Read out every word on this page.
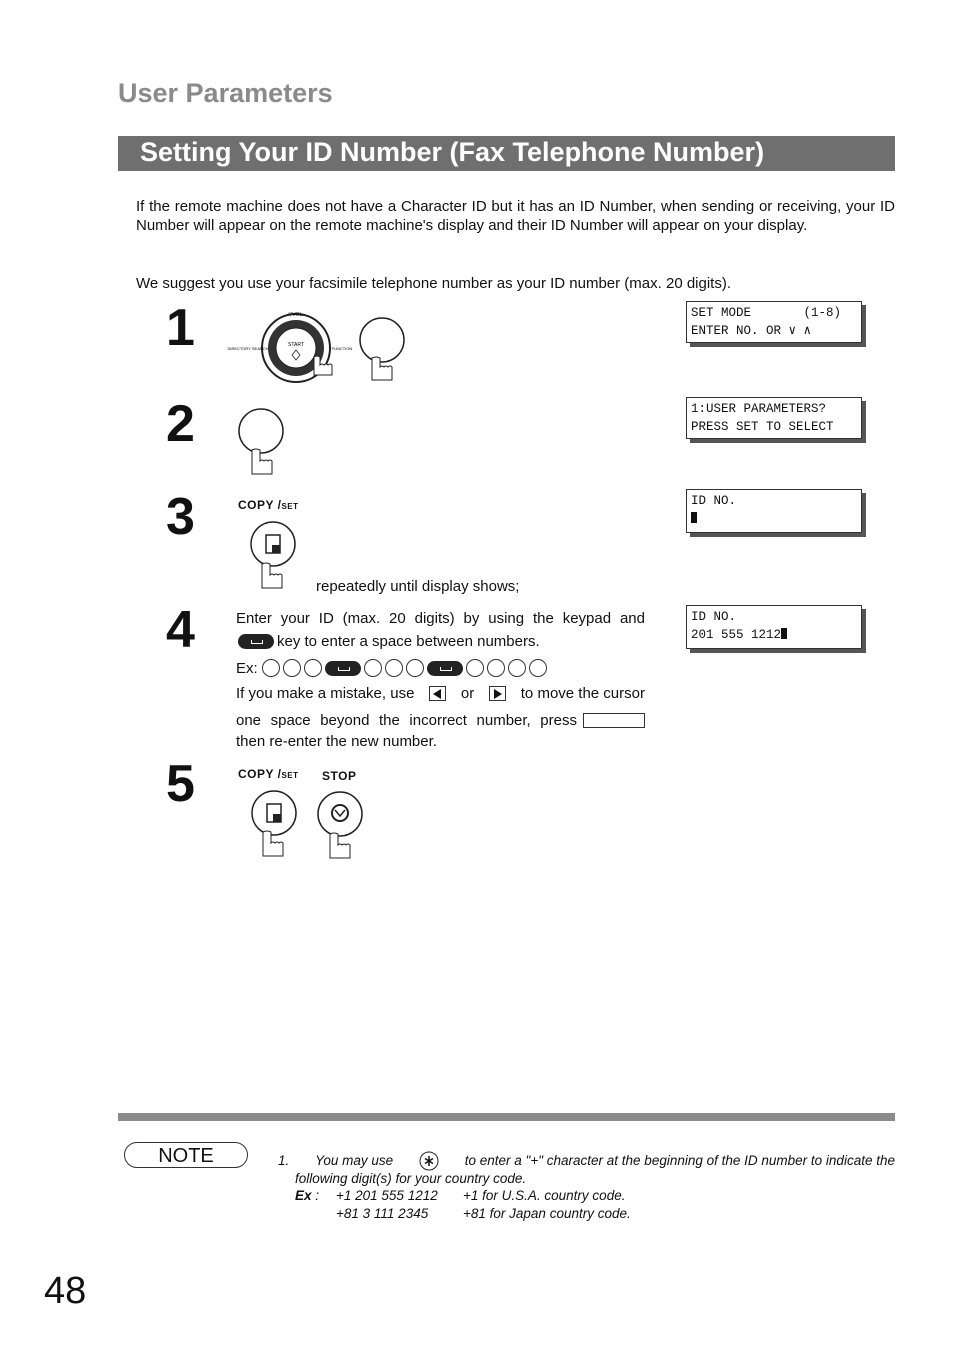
User Parameters
Setting Your ID Number (Fax Telephone Number)
If the remote machine does not have a Character ID but it has an ID Number, when sending or receiving, your ID Number will appear on the remote machine's display and their ID Number will appear on your display.
We suggest you use your facsimile telephone number as your ID number (max. 20 digits).
1	START
▽VOL.
DIRECTORY SEARCH	FUNCTION
SET MODE       (1-8)
ENTER NO. OR ∨ ∧
2	1:USER PARAMETERS?
PRESS SET TO SELECT
3	COPY /SET
repeatedly until display shows;
ID NO.

4	Enter your ID (max. 20 digits) by using the keypad and
key to enter a space between numbers.
Ex:
If you make a mistake, use	or	to move the cursor
one space beyond the incorrect number, press
then re-enter the new number.
ID NO.
201 555 1212
5	COPY /SET STOP
NOTE	1. You may use	to enter a "+" character at the beginning of the ID number to indicate the
following digit(s) for your country code.
Ex : +1 201 555 1212 +1 for U.S.A. country code.
+81 3 111 2345	+81 for Japan country code.
48
